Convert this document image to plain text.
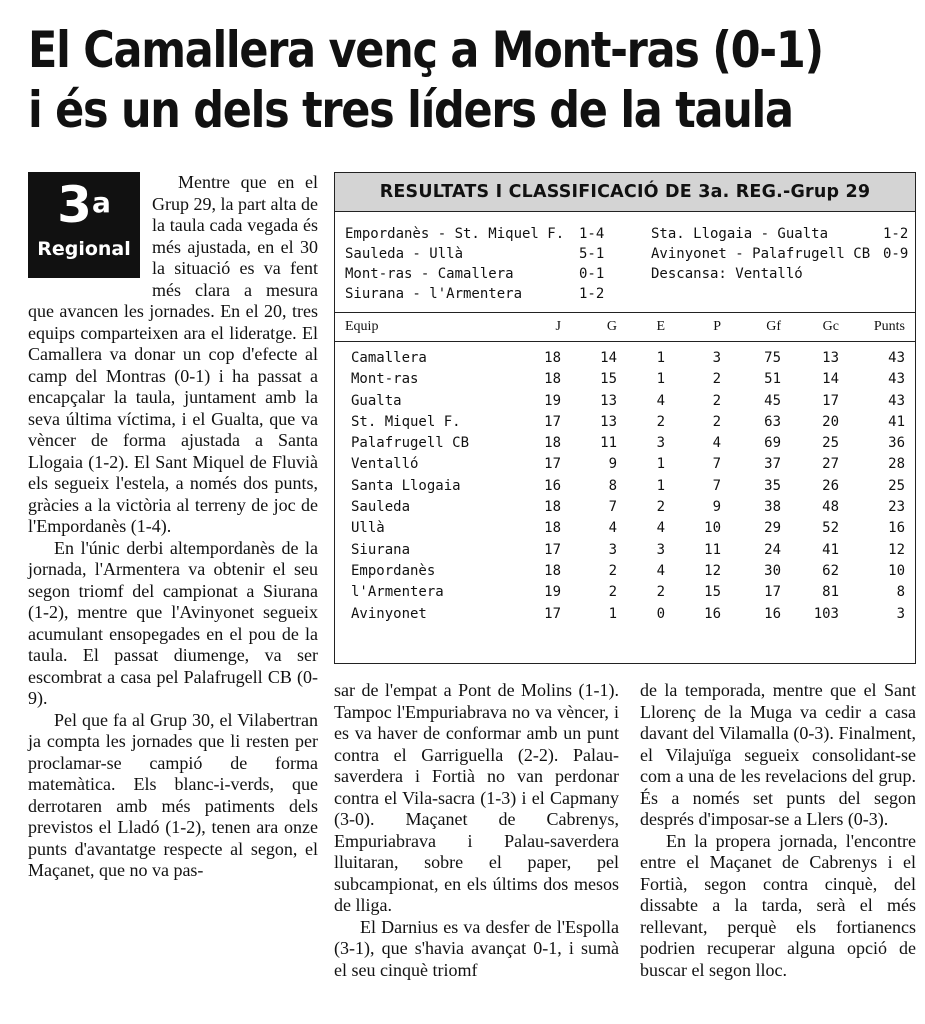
El Camallera venç a Mont-ras (0-1)
i és un dels tres líders de la taula
3$^a$
Regional

Mentre que en el Grup 29, la part alta de la taula cada vegada és més ajustada, en el 30 la situació es va fent més clara a mesura que avancen les jornades. En el 20, tres equips comparteixen ara el lideratge. El Camallera va donar un cop d'efecte al camp del Montras (0-1) i ha passat a encapçalar la taula, juntament amb la seva última víctima, i el Gualta, que va vèncer de forma ajustada a Santa Llogaia (1-2). El Sant Miquel de Fluvià els segueix l'estela, a només dos punts, gràcies a la victòria al terreny de joc de l'Empordanès (1-4).

En l'únic derbi altempordanès de la jornada, l'Armentera va obtenir el seu segon triomf del campionat a Siurana (1-2), mentre que l'Avinyonet segueix acumulant ensopegades en el pou de la taula. El passat diumenge, va ser escombrat a casa pel Palafrugell CB (0-9).

Pel que fa al Grup 30, el Vilabertran ja compta les jornades que li resten per proclamar-se campió de forma matemàtica. Els blanc-i-verds, que derrotaren amb més patiments dels previstos el Lladó (1-2), tenen ara onze punts d'avantatge respecte al segon, el Maçanet, que no va pas-

RESULTATS I CLASSIFICACIÓ DE 3a. REG.-Grup 29
Empordanès - St. Miquel F. 1-4
Sauleda - Ullà	5-1
Mont-ras - Camallera	0-1
Siurana - l'Armentera	1-2
Sta. Llogaia - Gualta	1-2
Avinyonet - Palafrugell CB 0-9
Descansa: Ventalló
Equip	J	G	E	P	Gf	Gc Punts
Camallera	18	14	1	3	75	13	43
Mont-ras	18	15	1	2	51	14	43
Gualta	19	13	4	2	45	17	43
St. Miquel F.	17	13	2	2	63	20	41
Palafrugell CB	18	11	3	4	69	25	36
Ventalló	17	9	1	7	37	27	28
Santa Llogaia	16	8	1	7	35	26	25
Sauleda	18	7	2	9	38	48	23
Ullà	18	4	4	10	29	52	16
Siurana	17	3	3	11	24	41	12
Empordanès	18	2	4	12	30	62	10
l'Armentera	19	2	2	15	17	81	8
Avinyonet	17	1	0	16	16 103	3

sar de l'empat a Pont de Molins (1-1). Tampoc l'Empuriabrava no va vèncer, i es va haver de conformar amb un punt contra el Garriguella (2-2). Palau-saverdera i Fortià no van perdonar contra el Vila-sacra (1-3) i el Capmany (3-0). Maçanet de Cabrenys, Empuriabrava i Palau-saverdera lluitaran, sobre el paper, pel subcampionat, en els últims dos mesos de lliga.

El Darnius es va desfer de l'Espolla (3-1), que s'havia avançat 0-1, i sumà el seu cinquè triomf

de la temporada, mentre que el Sant Llorenç de la Muga va cedir a casa davant del Vilamalla (0-3). Finalment, el Vilajuïga segueix consolidant-se com a una de les revelacions del grup. És a només set punts del segon després d'imposar-se a Llers (0-3).

En la propera jornada, l'encontre entre el Maçanet de Cabrenys i el Fortià, segon contra cinquè, del dissabte a la tarda, serà el més rellevant, perquè els fortianencs podrien recuperar alguna opció de buscar el segon lloc.
